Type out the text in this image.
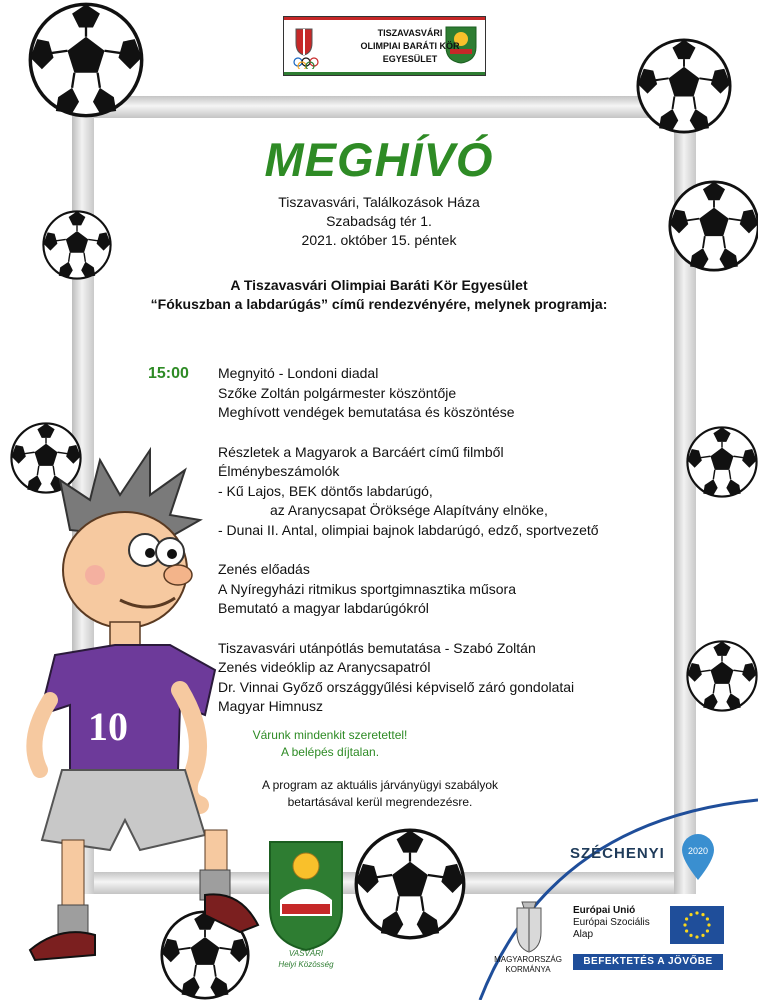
TISZAVASVÁRI
OLIMPIAI BARÁTI KÖR
EGYESÜLET
MEGHÍVÓ
Tiszavasvári, Találkozások Háza
Szabadság tér 1.
2021. október 15. péntek
A Tiszavasvári Olimpiai Baráti Kör Egyesület
“Fókuszban a labdarúgás” című rendezvényére, melynek programja:
15:00 Megnyitó - Londoni diadal
Szőke Zoltán polgármester köszöntője
Meghívott vendégek bemutatása és köszöntése
Részletek a Magyarok a Barcáért című filmből
Élménybeszámolók
- Kű Lajos, BEK döntős labdarúgó,
az Aranycsapat Öröksége Alapítvány elnöke,
- Dunai II. Antal, olimpiai bajnok labdarúgó, edző, sportvezető
Zenés előadás
A Nyíregyházi ritmikus sportgimnasztika műsora
Bemutató a magyar labdarúgókról
Tiszavasvári utánpótlás bemutatása - Szabó Zoltán
Zenés videóklip az Aranycsapatról
Dr. Vinnai Győző országgyűlési képviselő záró gondolatai
Magyar Himnusz
Várunk mindenkit szeretettel!
A belépés díjtalan.
A program az aktuális járványügyi szabályok
betartásával kerül megrendezésre.
10
VASVÁRI
Helyi Közösség
SZÉCHENYI	2020
MAGYARORSZÁG
KORMÁNYA
Európai Unió
Európai Szociális
Alap
BEFEKTETÉS A JÖVŐBE
